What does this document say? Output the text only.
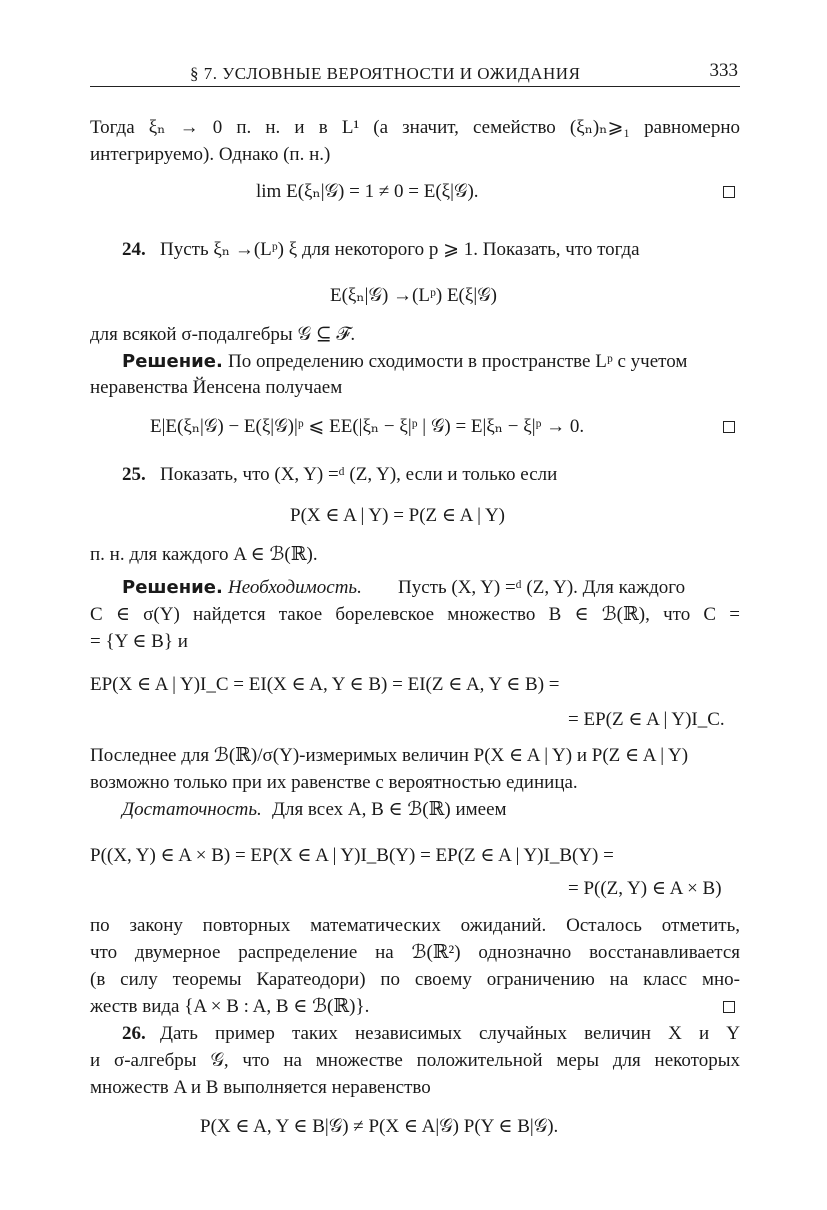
§ 7. УСЛОВНЫЕ ВЕРОЯТНОСТИ И ОЖИДАНИЯ	333
Тогда ξₙ → 0 п. н. и в L¹ (а значит, семейство (ξₙ)ₙ⩾₁ равномерно
интегрируемо). Однако (п. н.)
lim E(ξₙ|𝒢) = 1 ≠ 0 = E(ξ|𝒢).
24. Пусть ξₙ →(Lᵖ) ξ для некоторого p ⩾ 1. Показать, что тогда
E(ξₙ|𝒢) →(Lᵖ) E(ξ|𝒢)
для всякой σ-подалгебры 𝒢 ⊆ ℱ.
Решение. По определению сходимости в пространстве Lᵖ с учетом
неравенства Йенсена получаем
E|E(ξₙ|𝒢) − E(ξ|𝒢)|ᵖ ⩽ EE(|ξₙ − ξ|ᵖ | 𝒢) = E|ξₙ − ξ|ᵖ → 0.
25. Показать, что (X, Y) =ᵈ (Z, Y), если и только если
P(X ∈ A | Y) = P(Z ∈ A | Y)
п. н. для каждого A ∈ ℬ(ℝ).
Решение. Необходимость. Пусть (X, Y) =ᵈ (Z, Y). Для каждого
C ∈ σ(Y) найдется такое борелевское множество B ∈ ℬ(ℝ), что C =
= {Y ∈ B} и
EP(X ∈ A | Y)I_C = EI(X ∈ A, Y ∈ B) = EI(Z ∈ A, Y ∈ B) =
= EP(Z ∈ A | Y)I_C.
Последнее для ℬ(ℝ)/σ(Y)-измеримых величин P(X ∈ A | Y) и P(Z ∈ A | Y)
возможно только при их равенстве с вероятностью единица.
Достаточность. Для всех A, B ∈ ℬ(ℝ) имеем
P((X, Y) ∈ A × B) = EP(X ∈ A | Y)I_B(Y) = EP(Z ∈ A | Y)I_B(Y) =
= P((Z, Y) ∈ A × B)
по закону повторных математических ожиданий. Осталось отметить,
что двумерное распределение на ℬ(ℝ²) однозначно восстанавливается
(в силу теоремы Каратеодори) по своему ограничению на класс мно-
жеств вида {A × B : A, B ∈ ℬ(ℝ)}.
26. Дать пример таких независимых случайных величин X и Y
и σ-алгебры 𝒢, что на множестве положительной меры для некоторых
множеств A и B выполняется неравенство
P(X ∈ A, Y ∈ B|𝒢) ≠ P(X ∈ A|𝒢) P(Y ∈ B|𝒢).
